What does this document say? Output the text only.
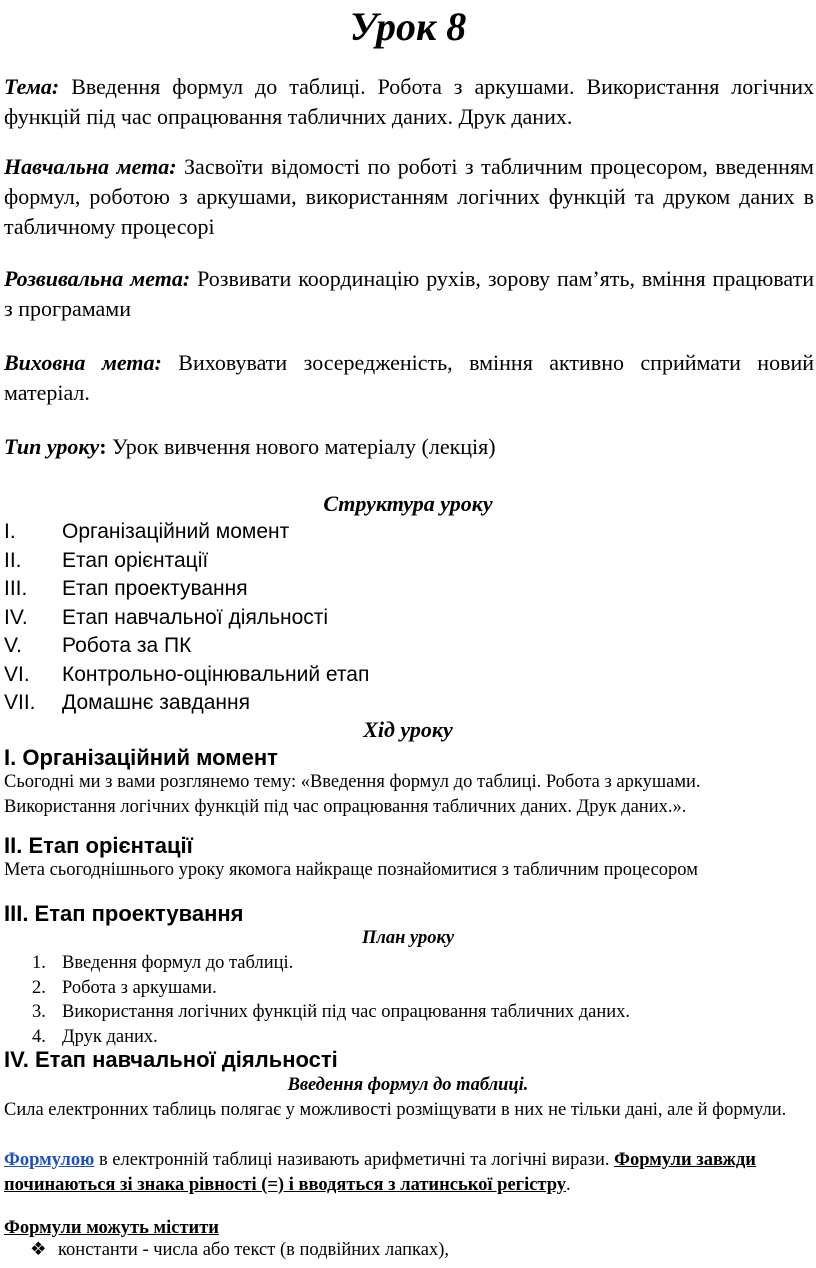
Урок 8

Тема: Введення формул до таблиці. Робота з аркушами. Використання логічних функцій під час опрацювання табличних даних. Друк даних.

Навчальна мета: Засвоїти відомості по роботі з табличним процесором, введенням формул, роботою з аркушами, використанням логічних функцій та друком даних в табличному процесорі

Розвивальна мета: Розвивати координацію рухів, зорову пам’ять, вміння працювати з програмами

Виховна мета: Виховувати зосередженість, вміння активно сприймати новий матеріал.

Тип уроку: Урок вивчення нового матеріалу (лекція)

Структура уроку

I.	Організаційний момент
II.	Етап орієнтації
III.	Етап проектування
IV.	Етап навчальної діяльності
V.	Робота за ПК
VI.	Контрольно-оцінювальний етап
VII.	Домашнє завдання

Хід уроку

I. Організаційний момент

Сьогодні ми з вами розглянемо тему: «Введення формул до таблиці. Робота з аркушами. Використання логічних функцій під час опрацювання табличних даних. Друк даних.».

II. Етап орієнтації

Мета сьогоднішнього уроку якомога найкраще познайомитися з табличним процесором

III. Етап проектування

План уроку

1. Введення формул до таблиці.
2. Робота з аркушами.
3. Використання логічних функцій під час опрацювання табличних даних.
4. Друк даних.
IV. Етап навчальної діяльності

Введення формул до таблиці.

Сила електронних таблиць полягає у можливості розміщувати в них не тільки дані, але й формули.

Формулою в електронній таблиці називають арифметичні та логічні вирази. Формули завжди починаються зі знака рівності (=) і вводяться з латинської регістру.

Формули можуть містити

❖ константи - числа або текст (в подвійних лапках),
